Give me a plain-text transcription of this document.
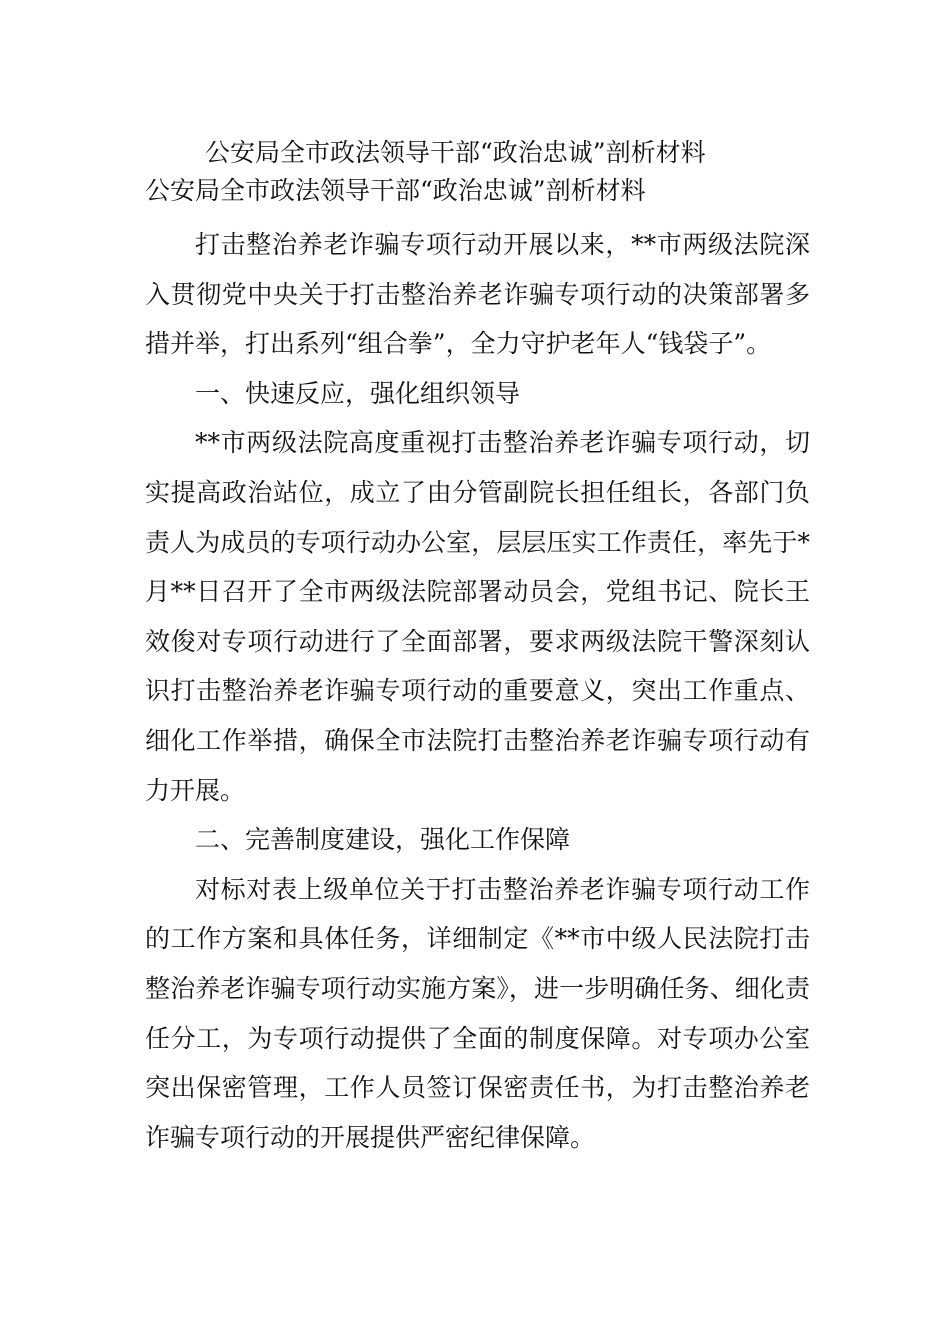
公安局全市政法领导干部“政治忠诚”剖析材料

公安局全市政法领导干部“政治忠诚”剖析材料

打击整治养老诈骗专项行动开展以来，**市两级法院深入贯彻党中央关于打击整治养老诈骗专项行动的决策部署多措并举，打出系列“组合拳”，全力守护老年人“钱袋子”。

一、快速反应，强化组织领导

**市两级法院高度重视打击整治养老诈骗专项行动，切实提高政治站位，成立了由分管副院长担任组长，各部门负责人为成员的专项行动办公室，层层压实工作责任，率先于*月**日召开了全市两级法院部署动员会，党组书记、院长王效俊对专项行动进行了全面部署，要求两级法院干警深刻认识打击整治养老诈骗专项行动的重要意义，突出工作重点、细化工作举措，确保全市法院打击整治养老诈骗专项行动有力开展。

二、完善制度建设，强化工作保障

对标对表上级单位关于打击整治养老诈骗专项行动工作的工作方案和具体任务，详细制定《**市中级人民法院打击整治养老诈骗专项行动实施方案》，进一步明确任务、细化责任分工，为专项行动提供了全面的制度保障。对专项办公室突出保密管理，工作人员签订保密责任书，为打击整治养老诈骗专项行动的开展提供严密纪律保障。
